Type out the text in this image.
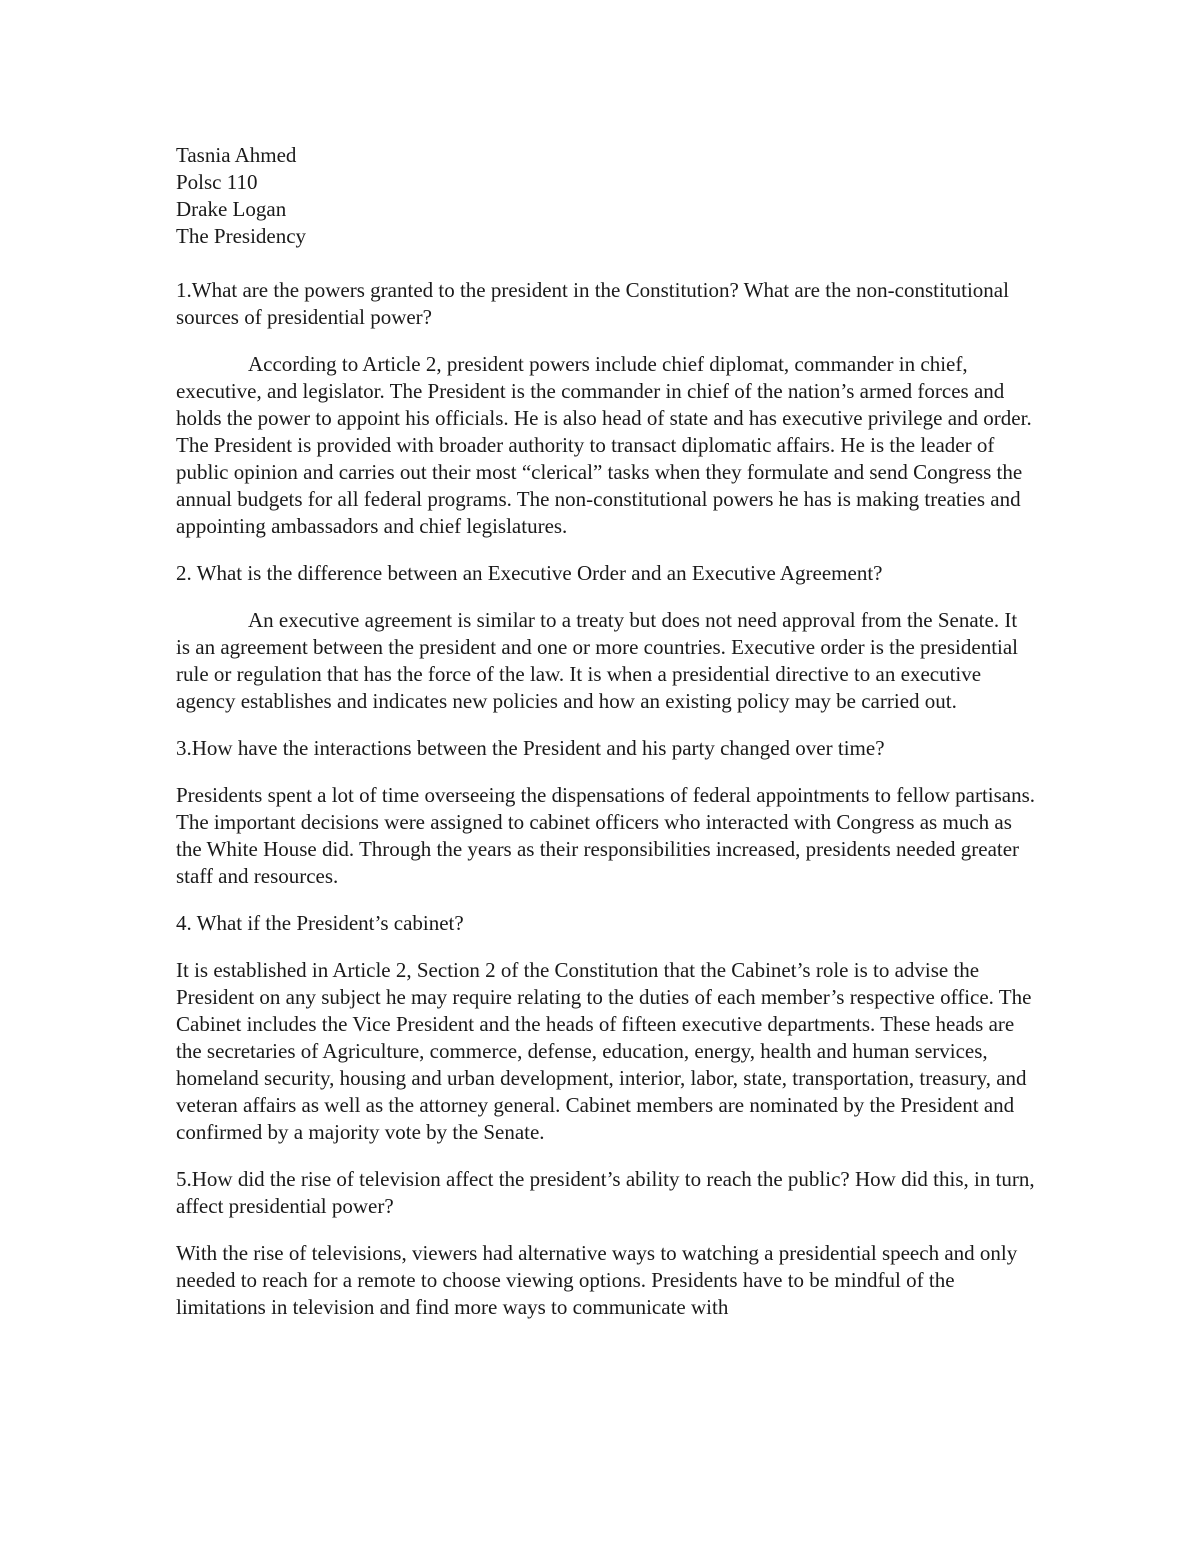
Tasnia Ahmed
Polsc 110
Drake Logan
The Presidency

1.What are the powers granted to the president in the Constitution? What are the non-constitutional sources of presidential power?

According to Article 2, president powers include chief diplomat, commander in chief, executive, and legislator. The President is the commander in chief of the nation’s armed forces and holds the power to appoint his officials. He is also head of state and has executive privilege and order. The President is provided with broader authority to transact diplomatic affairs. He is the leader of public opinion and carries out their most “clerical” tasks when they formulate and send Congress the annual budgets for all federal programs. The non-constitutional powers he has is making treaties and appointing ambassadors and chief legislatures.

2. What is the difference between an Executive Order and an Executive Agreement?

An executive agreement is similar to a treaty but does not need approval from the Senate. It is an agreement between the president and one or more countries. Executive order is the presidential rule or regulation that has the force of the law. It is when a presidential directive to an executive agency establishes and indicates new policies and how an existing policy may be carried out.

3.How have the interactions between the President and his party changed over time?

Presidents spent a lot of time overseeing the dispensations of federal appointments to fellow partisans. The important decisions were assigned to cabinet officers who interacted with Congress as much as the White House did. Through the years as their responsibilities increased, presidents needed greater staff and resources.

4. What if the President’s cabinet?

It is established in Article 2, Section 2 of the Constitution that the Cabinet’s role is to advise the President on any subject he may require relating to the duties of each member’s respective office. The Cabinet includes the Vice President and the heads of fifteen executive departments. These heads are the secretaries of Agriculture, commerce, defense, education, energy, health and human services, homeland security, housing and urban development, interior, labor, state, transportation, treasury, and veteran affairs as well as the attorney general. Cabinet members are nominated by the President and confirmed by a majority vote by the Senate.

5.How did the rise of television affect the president’s ability to reach the public? How did this, in turn, affect presidential power?

With the rise of televisions, viewers had alternative ways to watching a presidential speech and only needed to reach for a remote to choose viewing options. Presidents have to be mindful of the limitations in television and find more ways to communicate with
